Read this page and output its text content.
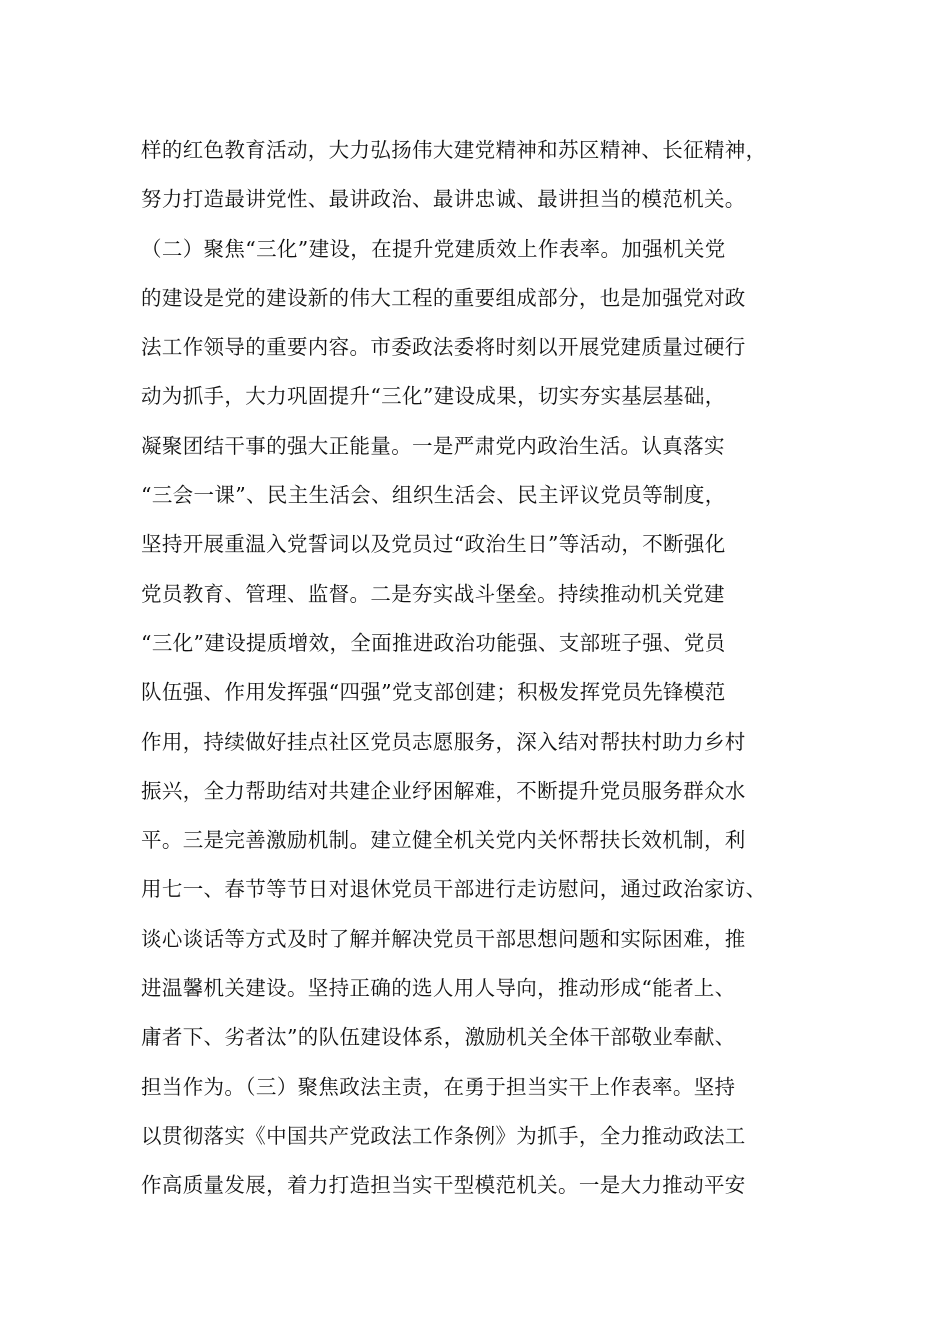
样的红色教育活动，大力弘扬伟大建党精神和苏区精神、长征精神，
努力打造最讲党性、最讲政治、最讲忠诚、最讲担当的模范机关。
（二）聚焦“三化”建设，在提升党建质效上作表率。加强机关党
的建设是党的建设新的伟大工程的重要组成部分，也是加强党对政
法工作领导的重要内容。市委政法委将时刻以开展党建质量过硬行
动为抓手，大力巩固提升“三化”建设成果，切实夯实基层基础，
凝聚团结干事的强大正能量。一是严肃党内政治生活。认真落实
“三会一课”、民主生活会、组织生活会、民主评议党员等制度，
坚持开展重温入党誓词以及党员过“政治生日”等活动，不断强化
党员教育、管理、监督。二是夯实战斗堡垒。持续推动机关党建
“三化”建设提质增效，全面推进政治功能强、支部班子强、党员
队伍强、作用发挥强“四强”党支部创建；积极发挥党员先锋模范
作用，持续做好挂点社区党员志愿服务，深入结对帮扶村助力乡村
振兴，全力帮助结对共建企业纾困解难，不断提升党员服务群众水
平。三是完善激励机制。建立健全机关党内关怀帮扶长效机制，利
用七一、春节等节日对退休党员干部进行走访慰问，通过政治家访、
谈心谈话等方式及时了解并解决党员干部思想问题和实际困难，推
进温馨机关建设。坚持正确的选人用人导向，推动形成“能者上、
庸者下、劣者汰”的队伍建设体系，激励机关全体干部敬业奉献、
担当作为。（三）聚焦政法主责，在勇于担当实干上作表率。坚持
以贯彻落实《中国共产党政法工作条例》为抓手，全力推动政法工
作高质量发展，着力打造担当实干型模范机关。一是大力推动平安
